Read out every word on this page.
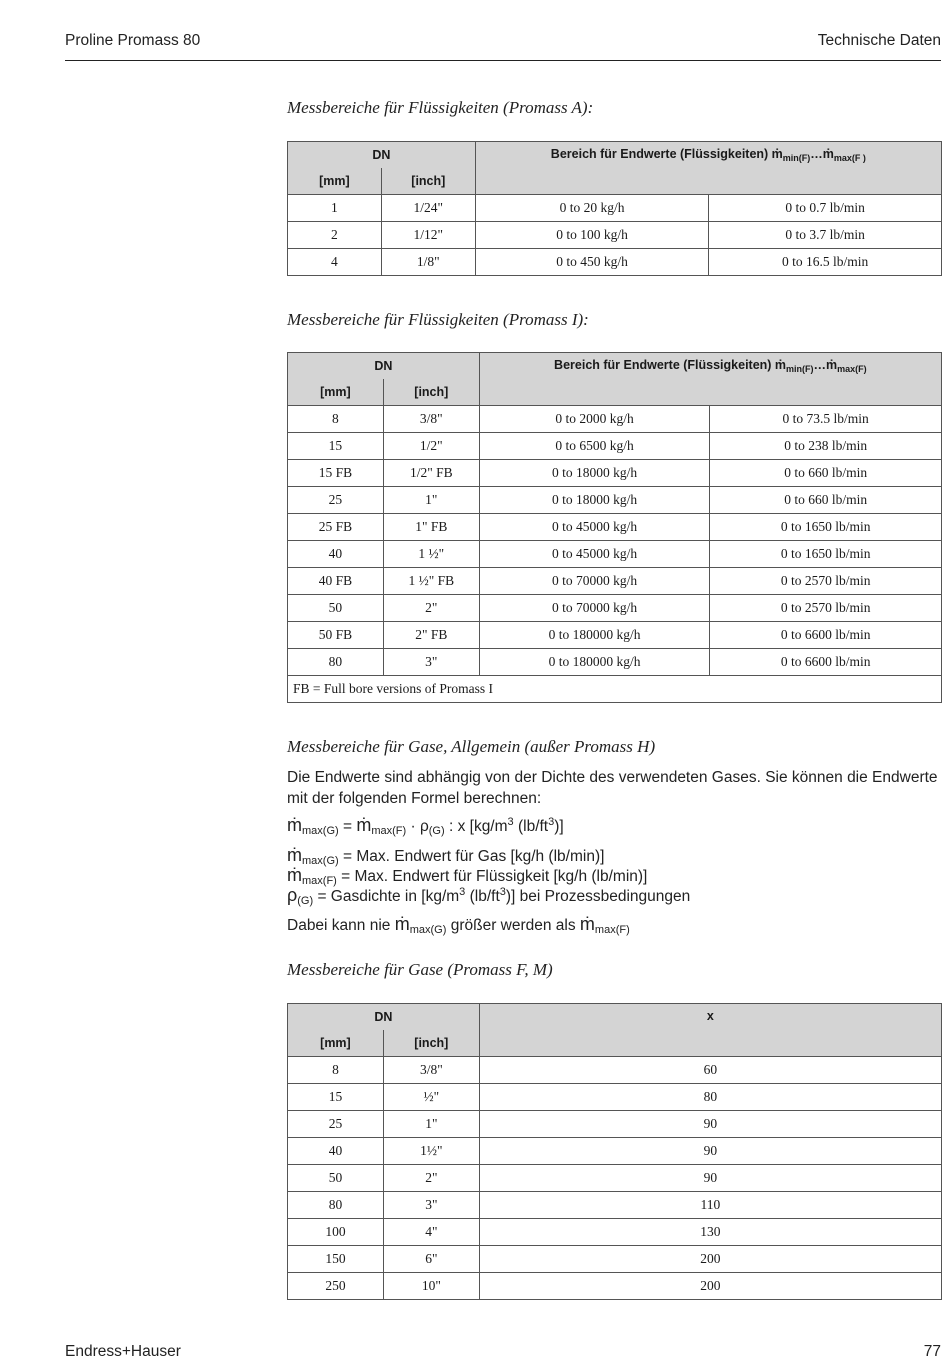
Proline Promass 80	Technische Daten
Messbereiche für Flüssigkeiten (Promass A):
DN		Bereich für Endwerte (Flüssigkeiten) ṁ$_{min(F)}$…ṁ$_{max(F )}$
[mm]	[inch]		
1	1/24"	0 to 20 kg/h	0 to 0.7 lb/min
2	1/12"	0 to 100 kg/h	0 to 3.7 lb/min
4	1/8"	0 to 450 kg/h	0 to 16.5 lb/min
Messbereiche für Flüssigkeiten (Promass I):
DN		Bereich für Endwerte (Flüssigkeiten) ṁ$_{min(F)}$…ṁ$_{max(F)}$
[mm]	[inch]		
8	3/8"	0 to 2000 kg/h	0 to 73.5 lb/min
15	1/2"	0 to 6500 kg/h	0 to 238 lb/min
15 FB	1/2" FB	0 to 18000 kg/h	0 to 660 lb/min
25	1"	0 to 18000 kg/h	0 to 660 lb/min
25 FB	1" FB	0 to 45000 kg/h	0 to 1650 lb/min
40	1 ½"	0 to 45000 kg/h	0 to 1650 lb/min
40 FB	1 ½" FB	0 to 70000 kg/h	0 to 2570 lb/min
50	2"	0 to 70000 kg/h	0 to 2570 lb/min
50 FB	2" FB	0 to 180000 kg/h	0 to 6600 lb/min
80	3"	0 to 180000 kg/h	0 to 6600 lb/min
FB = Full bore versions of Promass I			
Messbereiche für Gase, Allgemein (außer Promass H)
Die Endwerte sind abhängig von der Dichte des verwendeten Gases. Sie können die Endwerte mit der folgenden Formel berechnen:
ṁmax(G) = ṁmax(F) · ρ(G) : x [$kg/m^3$ $(lb/ft^3)$]
ṁmax(G) = Max. Endwert für Gas [kg/h (lb/min)]
ṁmax(F) = Max. Endwert für Flüssigkeit [kg/h (lb/min)]
ρ(G) = Gasdichte in [$kg/m^3$ $(lb/ft^3)$] bei Prozessbedingungen
Dabei kann nie ṁmax(G) größer werden als ṁmax(F)
Messbereiche für Gase (Promass F, M)
DN		x
[mm]	[inch]	
8	3/8"	60
15	½"	80
25	1"	90
40	1½"	90
50	2"	90
80	3"	110
100	4"	130
150	6"	200
250	10"	200
Endress+Hauser	77
